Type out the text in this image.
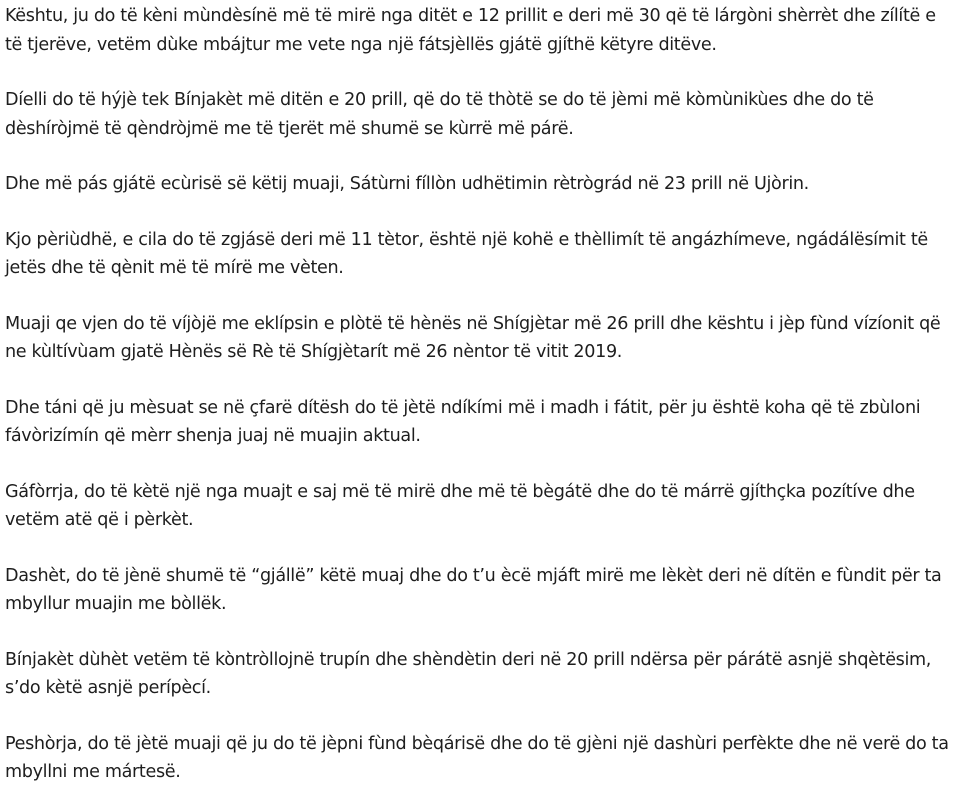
Kështu, ju do të kèni mùndèsínë më të mirë nga ditët e 12 prillit e deri më 30 që të lárgòni shèrrèt dhe zílítë e të tjerëve, vetëm dùke mbájtur me vete nga një fátsjèllës gjátë gjíthë këtyre ditëve.

Díelli do të hýjè tek Bínjakèt më ditën e 20 prill, që do të thòtë se do të jèmi më kòmùnikùes dhe do të dèshíròjmë të qèndròjmë me të tjerët më shumë se kùrrë më párë.

Dhe më pás gjátë ecùrisë së këtij muaji, Sátùrni fíllòn udhëtimin rètrògrád në 23 prill në Ujòrin.

Kjo pèriùdhë, e cila do të zgjásë deri më 11 tètor, është një kohë e thèllimít të angázhímeve, ngádálësímit të jetës dhe të qènit më të mírë me vèten.

Muaji qe vjen do të víjòjë me eklípsin e plòtë të hènës në Shígjètar më 26 prill dhe kështu i jèp fùnd vízíonit që ne kùltívùam gjatë Hènës së Rè të Shígjètarít më 26 nèntor të vitit 2019.

Dhe táni që ju mèsuat se në çfarë dítësh do të jètë ndíkími më i madh i fátit, për ju është koha që të zbùloni fávòrizímín që mèrr shenja juaj në muajin aktual.

Gáfòrrja, do të kètë një nga muajt e saj më të mirë dhe më të bègátë dhe do të márrë gjíthçka pozítíve dhe vetëm atë që i pèrkèt.

Dashèt, do të jènë shumë të “gjállë” këtë muaj dhe do t’u ècë mjáft mirë me lèkèt deri në dítën e fùndit për ta mbyllur muajin me bòllëk.

Bínjakèt dùhèt vetëm të kòntròllojnë trupín dhe shèndètin deri në 20 prill ndërsa për párátë asnjë shqètësim, s’do kètë asnjë perípècí.

Peshòrja, do të jètë muaji që ju do të jèpni fùnd bèqárisë dhe do të gjèni një dashùri perfèkte dhe në verë do ta mbyllni me mártesë.
